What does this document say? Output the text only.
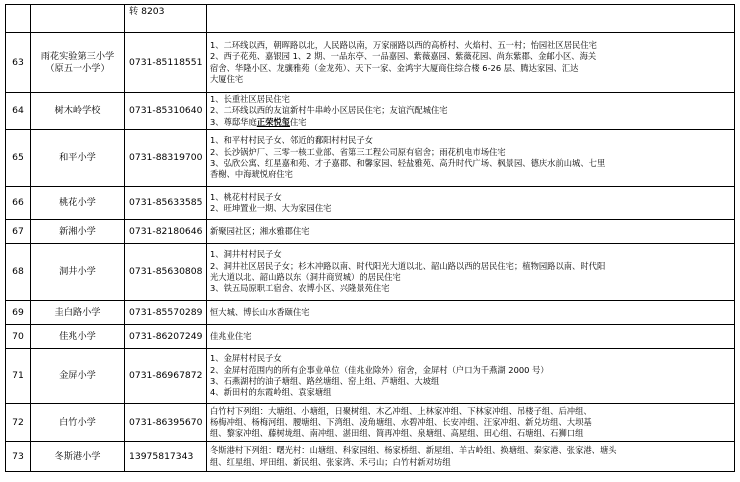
		转 8203	
63	雨花实验第三小学（原五一小学）	0731-85118551	1、二环线以西，朝晖路以北，人民路以南，万家丽路以西的高桥村、火焰村、五一村；怡园社区居民住宅
2、西子花苑、嘉银园 1、2 期、一品东亭、一品嘉园、紫薇嘉园、紫薇花园、尚东紫郡、金邮小区、海关
宿舍、华隆小区、龙骧雅苑（金龙苑）、天下一家、金鸿宇大厦商住综合楼 6-26 层、腾达家园、汇达
大厦住宅

64	树木岭学校	0731-85310640	1、长重社区居民住宅
2、二环线以西的友谊新村牛串岭小区居民住宅；友谊汽配城住宅
3、尊邸华庭正荣悦玺住宅

65	和平小学	0731-88319700	1、和平村村民子女、邻近的鄱阳村村民子女
2、长沙锅炉厂、三零一核工业部、省第三工程公司原有宿舍；雨花机电市场住宅
3、弘欣公寓、红星嘉和苑、才子嘉郡、和馨家园、轻盐雅苑、高升时代广场、枫景园、德庆水前山城、七里
香榭、中海琥悦府住宅

66	桃花小学	0731-85633585	1、桃花村村民子女
2、旺坤置业一期、大为家园住宅

67	新湘小学	0731-82180646	新聚园社区；湘水雅郡住宅

68	洞井小学	0731-85630808	1、洞井村村民子女
2、洞井社区居民子女；杉木冲路以南、时代阳光大道以北、韶山路以西的居民住宅；植物园路以南、时代阳
光大道以北、韶山路以东（洞井商贸城）的居民住宅
3、铁五局原职工宿舍、农博小区、兴隆景苑住宅

69	圭白路小学	0731-85570289	恒大城、博长山水香颐住宅

70	佳兆小学	0731-86207249	佳兆业住宅

71	金屏小学	0731-86967872	1、金屏村村民子女
2、金屏村范围内的所有企事业单位（佳兆业除外）宿舍，金屏村（户口为千燕湖 2000 号）
3、石燕湖村的油子塘组、路丝塘组、窑上组、芦塘组、大坡组
4、新田村的东霞岭组、袁家塘组

72	白竹小学	0731-86395670	白竹村下列组：大塘组、小塘组，日聚树组、木乙冲组、上林家冲组、下林家冲组、吊楼子组、后冲组、
杨梅冲组、杨梅河组、腰塘组、下湾组、凌角塘组、水碧冲组、长安冲组、汪家冲组、新兑坊组、大坝基
组、黎家冲组、藤树垅组、南冲组、湛田组、简再冲组、泉塘组、高屋组、田心组、石塘组、石狮口组

73	冬斯港小学	13975817343	冬斯港村下列组：曙光村：山塘组、科家园组、杨家桥组、新屋组、羊古岭组、换塘组、秦家港、张家港、塘头
组、红星组、坪田组、新民组、张家湾、禾弓山；白竹村新对坊组
